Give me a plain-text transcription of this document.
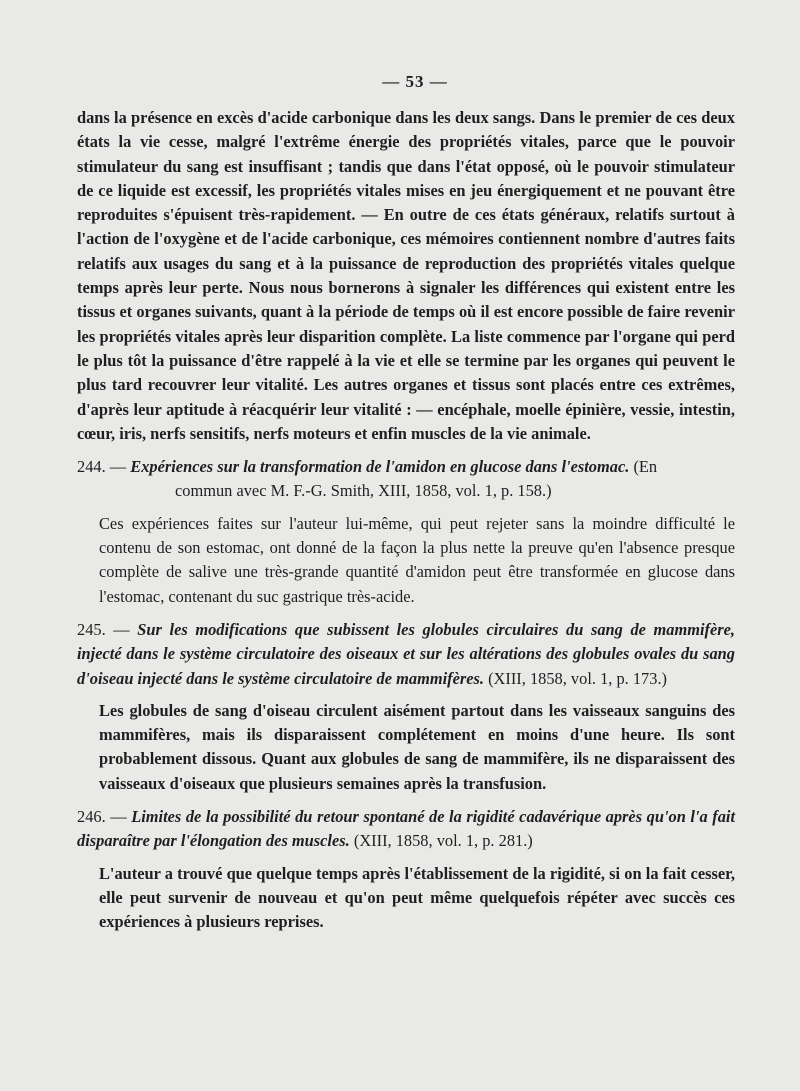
— 53 —

dans la présence en excès d'acide carbonique dans les deux sangs. Dans le premier de ces deux états la vie cesse, malgré l'extrême énergie des propriétés vitales, parce que le pouvoir stimulateur du sang est insuffisant ; tandis que dans l'état opposé, où le pouvoir stimulateur de ce liquide est excessif, les propriétés vitales mises en jeu énergiquement et ne pouvant être reproduites s'épuisent très-rapidement. — En outre de ces états généraux, relatifs surtout à l'action de l'oxygène et de l'acide carbonique, ces mémoires contiennent nombre d'autres faits relatifs aux usages du sang et à la puissance de reproduction des propriétés vitales quelque temps après leur perte. Nous nous bornerons à signaler les différences qui existent entre les tissus et organes suivants, quant à la période de temps où il est encore possible de faire revenir les propriétés vitales après leur disparition complète. La liste commence par l'organe qui perd le plus tôt la puissance d'être rappelé à la vie et elle se termine par les organes qui peuvent le plus tard recouvrer leur vitalité. Les autres organes et tissus sont placés entre ces extrêmes, d'après leur aptitude à réacquérir leur vitalité : — encéphale, moelle épinière, vessie, intestin, cœur, iris, nerfs sensitifs, nerfs moteurs et enfin muscles de la vie animale.

244. — Expériences sur la transformation de l'amidon en glucose dans l'estomac. (En
commun avec M. F.-G. Smith, XIII, 1858, vol. 1, p. 158.)

Ces expériences faites sur l'auteur lui-même, qui peut rejeter sans la moindre difficulté le contenu de son estomac, ont donné de la façon la plus nette la preuve qu'en l'absence presque complète de salive une très-grande quantité d'amidon peut être transformée en glucose dans l'estomac, contenant du suc gastrique très-acide.

245. — Sur les modifications que subissent les globules circulaires du sang de mammifère, injecté dans le système circulatoire des oiseaux et sur les altérations des globules ovales du sang d'oiseau injecté dans le système circulatoire de mammifères. (XIII, 1858, vol. 1, p. 173.)

Les globules de sang d'oiseau circulent aisément partout dans les vaisseaux sanguins des mammifères, mais ils disparaissent complétement en moins d'une heure. Ils sont probablement dissous. Quant aux globules de sang de mammifère, ils ne disparaissent des vaisseaux d'oiseaux que plusieurs semaines après la transfusion.

246. — Limites de la possibilité du retour spontané de la rigidité cadavérique après qu'on l'a fait disparaître par l'élongation des muscles. (XIII, 1858, vol. 1, p. 281.)

L'auteur a trouvé que quelque temps après l'établissement de la rigidité, si on la fait cesser, elle peut survenir de nouveau et qu'on peut même quelquefois répéter avec succès ces expériences à plusieurs reprises.
